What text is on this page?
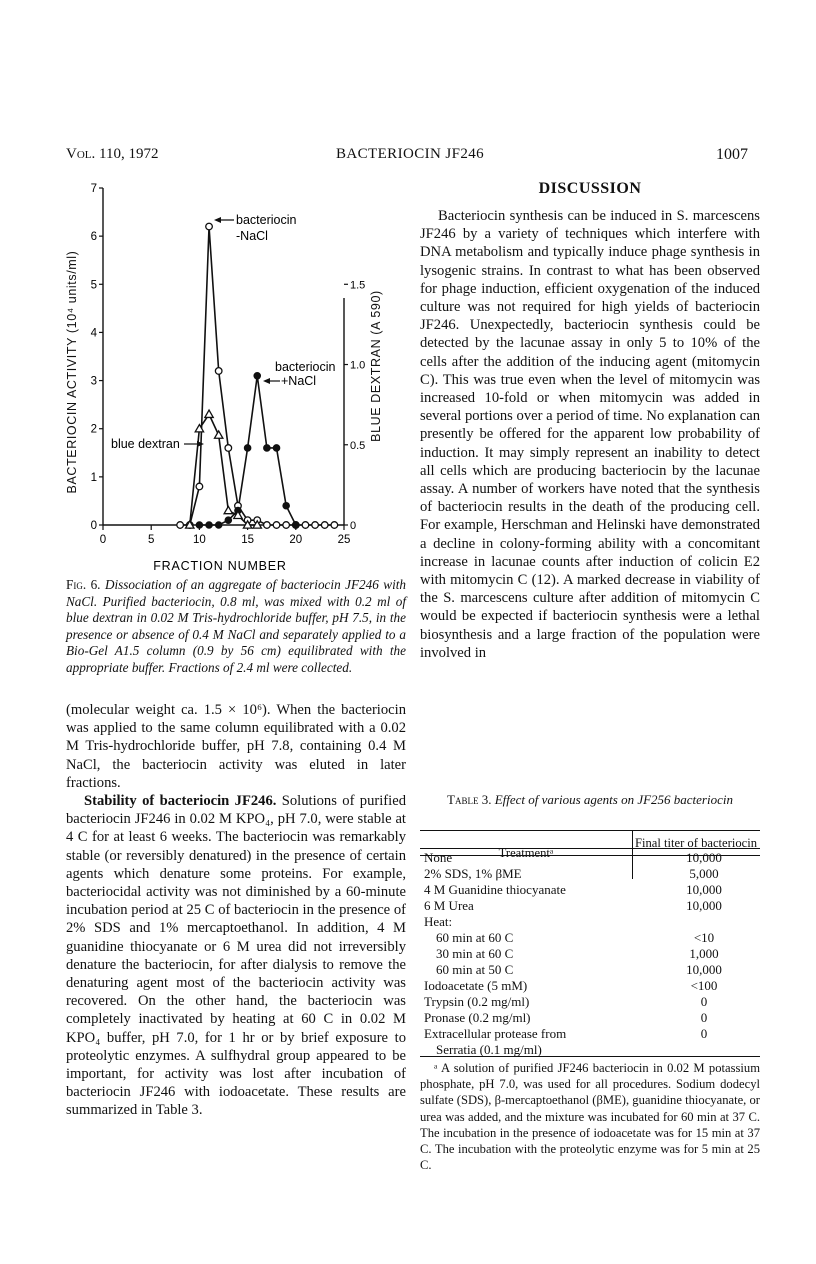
Vol. 110, 1972	BACTERIOCIN JF246	1007
0	5	10	15	20	25
0
1
2
3
4
5
6
7
0
0.5
1.0
1.5
bacteriocin
-NaCl
bacteriocin
+NaCl
blue dextran
FRACTION NUMBER
BACTERIOCIN ACTIVITY (10⁴ units/ml)	BLUE DEXTRAN (A 590)
Fig. 6. Dissociation of an aggregate of bacteriocin JF246 with NaCl. Purified bacteriocin, 0.8 ml, was mixed with 0.2 ml of blue dextran in 0.02 M Tris-hydrochloride buffer, pH 7.5, in the presence or absence of 0.4 M NaCl and separately applied to a Bio-Gel A1.5 column (0.9 by 56 cm) equilibrated with the appropriate buffer. Fractions of 2.4 ml were collected.

(molecular weight ca. 1.5 × 10⁶). When the bacteriocin was applied to the same column equilibrated with a 0.02 M Tris-hydrochloride buffer, pH 7.8, containing 0.4 M NaCl, the bacteriocin activity was eluted in later fractions.

Stability of bacteriocin JF246. Solutions of purified bacteriocin JF246 in 0.02 M KPO₄, pH 7.0, were stable at 4 C for at least 6 weeks. The bacteriocin was remarkably stable (or reversibly denatured) in the presence of certain agents which denature some proteins. For example, bacteriocidal activity was not diminished by a 60-minute incubation period at 25 C of bacteriocin in the presence of 2% SDS and 1% mercaptoethanol. In addition, 4 M guanidine thiocyanate or 6 M urea did not irreversibly denature the bacteriocin, for after dialysis to remove the denaturing agent most of the bacteriocin activity was recovered. On the other hand, the bacteriocin was completely inactivated by heating at 60 C in 0.02 M KPO₄ buffer, pH 7.0, for 1 hr or by brief exposure to proteolytic enzymes. A sulfhydral group appeared to be important, for activity was lost after incubation of bacteriocin JF246 with iodoacetate. These results are summarized in Table 3.

DISCUSSION

Bacteriocin synthesis can be induced in S. marcescens JF246 by a variety of techniques which interfere with DNA metabolism and typically induce phage synthesis in lysogenic strains. In contrast to what has been observed for phage induction, efficient oxygenation of the induced culture was not required for high yields of bacteriocin JF246. Unexpectedly, bacteriocin synthesis could be detected by the lacunae assay in only 5 to 10% of the cells after the addition of the inducing agent (mitomycin C). This was true even when the level of mitomycin was increased 10-fold or when mitomycin was added in several portions over a period of time. No explanation can presently be offered for the apparent low probability of induction. It may simply represent an inability to detect all cells which are producing bacteriocin by the lacunae assay. A number of workers have noted that the synthesis of bacteriocin results in the death of the producing cell. For example, Herschman and Helinski have demonstrated a decline in colony-forming ability with a concomitant increase in lacunae counts after induction of colicin E2 with mitomycin C (12). A marked decrease in viability of the S. marcescens culture after addition of mitomycin C would be expected if bacteriocin synthesis were a lethal biosynthesis and a large fraction of the population were involved in

Table 3. Effect of various agents on JF256 bacteriocin
Treatmentᵃ
Final titer of bacteriocin
None	10,000
2% SDS, 1% βME	5,000
4 M Guanidine thiocyanate	10,000
6 M Urea	10,000
Heat:	
60 min at 60 C	<10
30 min at 60 C	1,000
60 min at 50 C	10,000
Iodoacetate (5 mM)	<100
Trypsin (0.2 mg/ml)	0
Pronase (0.2 mg/ml)	0
Extracellular protease from	0
Serratia (0.1 mg/ml)	
ᵃ A solution of purified JF246 bacteriocin in 0.02 M potassium phosphate, pH 7.0, was used for all procedures. Sodium dodecyl sulfate (SDS), β-mercaptoethanol (βME), guanidine thiocyanate, or urea was added, and the mixture was incubated for 60 min at 37 C. The incubation in the presence of iodoacetate was for 15 min at 37 C. The incubation with the proteolytic enzyme was for 5 min at 25 C.
